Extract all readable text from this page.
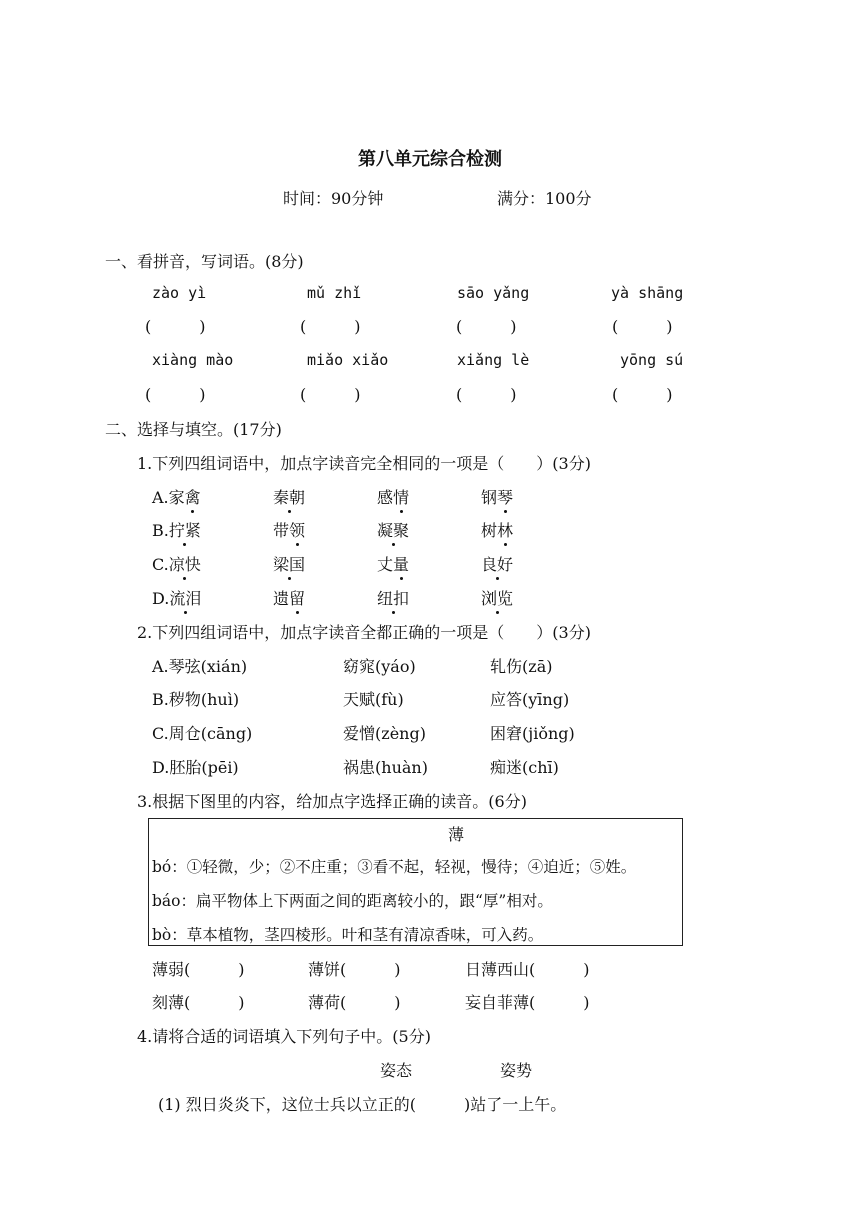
第八单元综合检测
时间：90分钟	满分：100分
一、看拼音，写词语。(8分)
zào yì	mǔ zhǐ	sāo yǎng	yà shāng
(　　　)	(　　　)	(　　　)	(　　　)
xiàng mào	miǎo xiǎo	xiǎng lè	yōng sú
(　　　)	(　　　)	(　　　)	(　　　)
二、选择与填空。(17分)
1.下列四组词语中，加点字读音完全相同的一项是（　　）(3分)
A.家禽	秦朝	感情	钢琴
B.拧紧	带领	凝聚	树林
C.凉快	梁国	丈量	良好
D.流泪	遗留	纽扣	浏览
2.下列四组词语中，加点字读音全都正确的一项是（　　）(3分)
A.琴弦(xián)	窈窕(yáo)	轧伤(zā)
B.秽物(huì)	天赋(fù)	应答(yīng)
C.周仓(cāng)	爱憎(zèng)	困窘(jiǒng)
D.胚胎(pēi)	祸患(huàn)	痴迷(chī)
3.根据下图里的内容，给加点字选择正确的读音。(6分)
薄
bó：①轻微，少；②不庄重；③看不起，轻视，慢待；④迫近；⑤姓。
báo：扁平物体上下两面之间的距离较小的，跟“厚”相对。
bò：草本植物，茎四棱形。叶和茎有清凉香味，可入药。
薄弱(　　　)	薄饼(　　　)	日薄西山(　　　)
刻薄(　　　)	薄荷(　　　)	妄自菲薄(　　　)
4.请将合适的词语填入下列句子中。(5分)
姿态	姿势
(1) 烈日炎炎下，这位士兵以立正的(　　　)站了一上午。
